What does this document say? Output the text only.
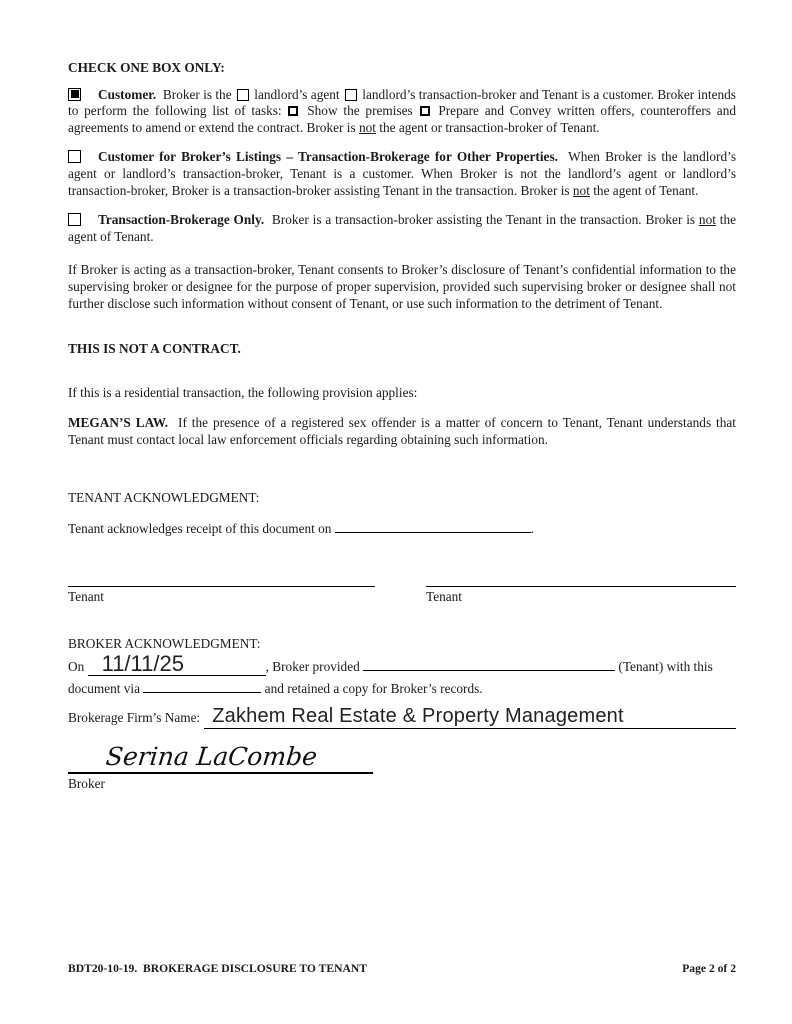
CHECK ONE BOX ONLY:

Customer.  Broker is the  landlord’s agent  landlord’s transaction-broker and Tenant is a customer. Broker intends to perform the following list of tasks:  Show the premises  Prepare and Convey written offers, counteroffers and agreements to amend or extend the contract. Broker is not the agent or transaction-broker of Tenant.

Customer for Broker’s Listings – Transaction-Brokerage for Other Properties.  When Broker is the landlord’s agent or landlord’s transaction-broker, Tenant is a customer. When Broker is not the landlord’s agent or landlord’s transaction-broker, Broker is a transaction-broker assisting Tenant in the transaction. Broker is not the agent of Tenant.

Transaction-Brokerage Only.  Broker is a transaction-broker assisting the Tenant in the transaction. Broker is not the agent of Tenant.

If Broker is acting as a transaction-broker, Tenant consents to Broker’s disclosure of Tenant’s confidential information to the supervising broker or designee for the purpose of proper supervision, provided such supervising broker or designee shall not further disclose such information without consent of Tenant, or use such information to the detriment of Tenant.

THIS IS NOT A CONTRACT.

If this is a residential transaction, the following provision applies:

MEGAN’S LAW.  If the presence of a registered sex offender is a matter of concern to Tenant, Tenant understands that Tenant must contact local law enforcement officials regarding obtaining such information.

TENANT ACKNOWLEDGMENT:

Tenant acknowledges receipt of this document on	.

Tenant	Tenant

BROKER ACKNOWLEDGMENT:

On 11/11/25	, Broker provided	(Tenant) with this

document via	and retained a copy for Broker’s records.

Brokerage Firm’s Name: Zakhem Real Estate & Property Management
Serina LaCombe
Broker
BDT20-10-19.  BROKERAGE DISCLOSURE TO TENANT	Page 2 of 2
